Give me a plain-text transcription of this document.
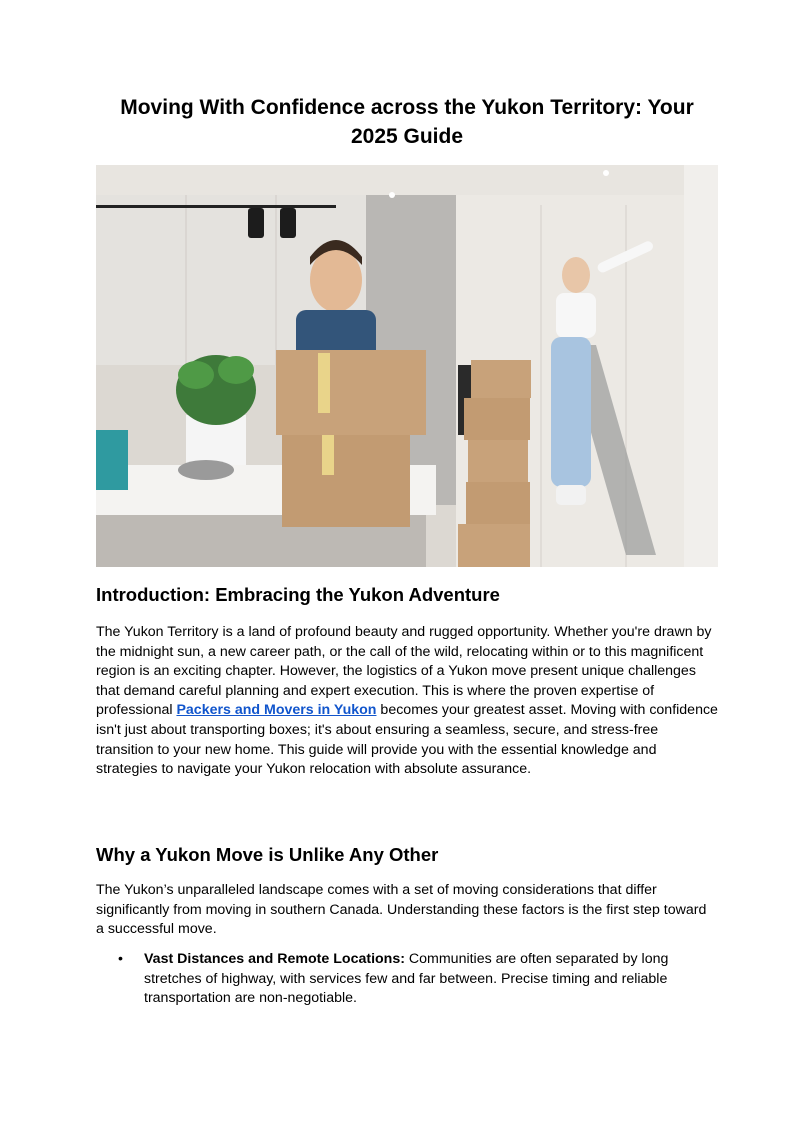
Moving With Confidence across the Yukon Territory: Your
2025 Guide
Introduction: Embracing the Yukon Adventure

The Yukon Territory is a land of profound beauty and rugged opportunity. Whether you're drawn by the midnight sun, a new career path, or the call of the wild, relocating within or to this magnificent region is an exciting chapter. However, the logistics of a Yukon move present unique challenges that demand careful planning and expert execution. This is where the proven expertise of professional Packers and Movers in Yukon becomes your greatest asset. Moving with confidence isn't just about transporting boxes; it's about ensuring a seamless, secure, and stress-free transition to your new home. This guide will provide you with the essential knowledge and strategies to navigate your Yukon relocation with absolute assurance.

Why a Yukon Move is Unlike Any Other

The Yukon’s unparalleled landscape comes with a set of moving considerations that differ significantly from moving in southern Canada. Understanding these factors is the first step toward a successful move.

• Vast Distances and Remote Locations: Communities are often separated by long stretches of highway, with services few and far between. Precise timing and reliable transportation are non-negotiable.
